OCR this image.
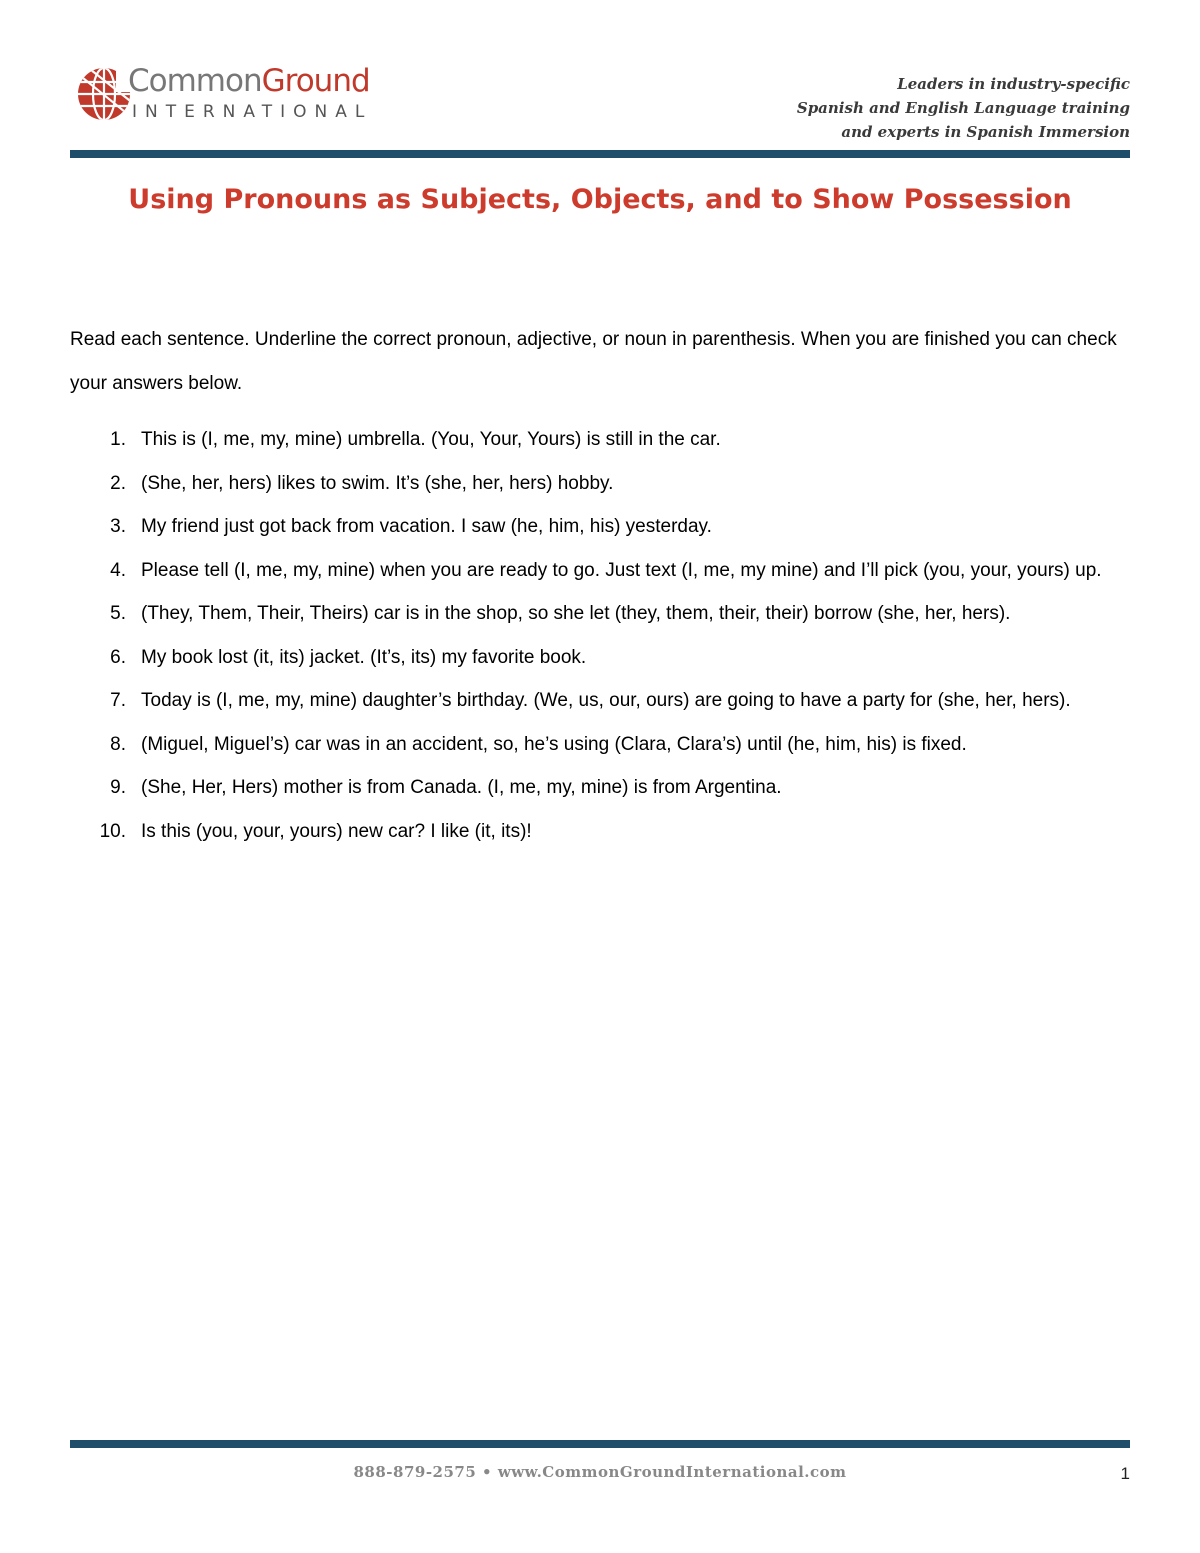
CommonGround
INTERNATIONAL
Leaders in industry-specific
Spanish and English Language training
and experts in Spanish Immersion
Using Pronouns as Subjects, Objects, and to Show Possession
Read each sentence. Underline the correct pronoun, adjective, or noun in parenthesis. When you are finished you can check your answers below.
1. This is (I, me, my, mine) umbrella. (You, Your, Yours) is still in the car.
2. (She, her, hers) likes to swim. It’s (she, her, hers) hobby.
3. My friend just got back from vacation. I saw (he, him, his) yesterday.
4. Please tell (I, me, my, mine) when you are ready to go. Just text (I, me, my mine) and I’ll pick (you, your, yours) up.
5. (They, Them, Their, Theirs) car is in the shop, so she let (they, them, their, their) borrow (she, her, hers).
6. My book lost (it, its) jacket. (It’s, its) my favorite book.
7. Today is (I, me, my, mine) daughter’s birthday. (We, us, our, ours) are going to have a party for (she, her, hers).
8. (Miguel, Miguel’s) car was in an accident, so, he’s using (Clara, Clara’s) until (he, him, his) is fixed.
9. (She, Her, Hers) mother is from Canada. (I, me, my, mine) is from Argentina.
10. Is this (you, your, yours) new car? I like (it, its)!
888-879-2575 • www.CommonGroundInternational.com	1
